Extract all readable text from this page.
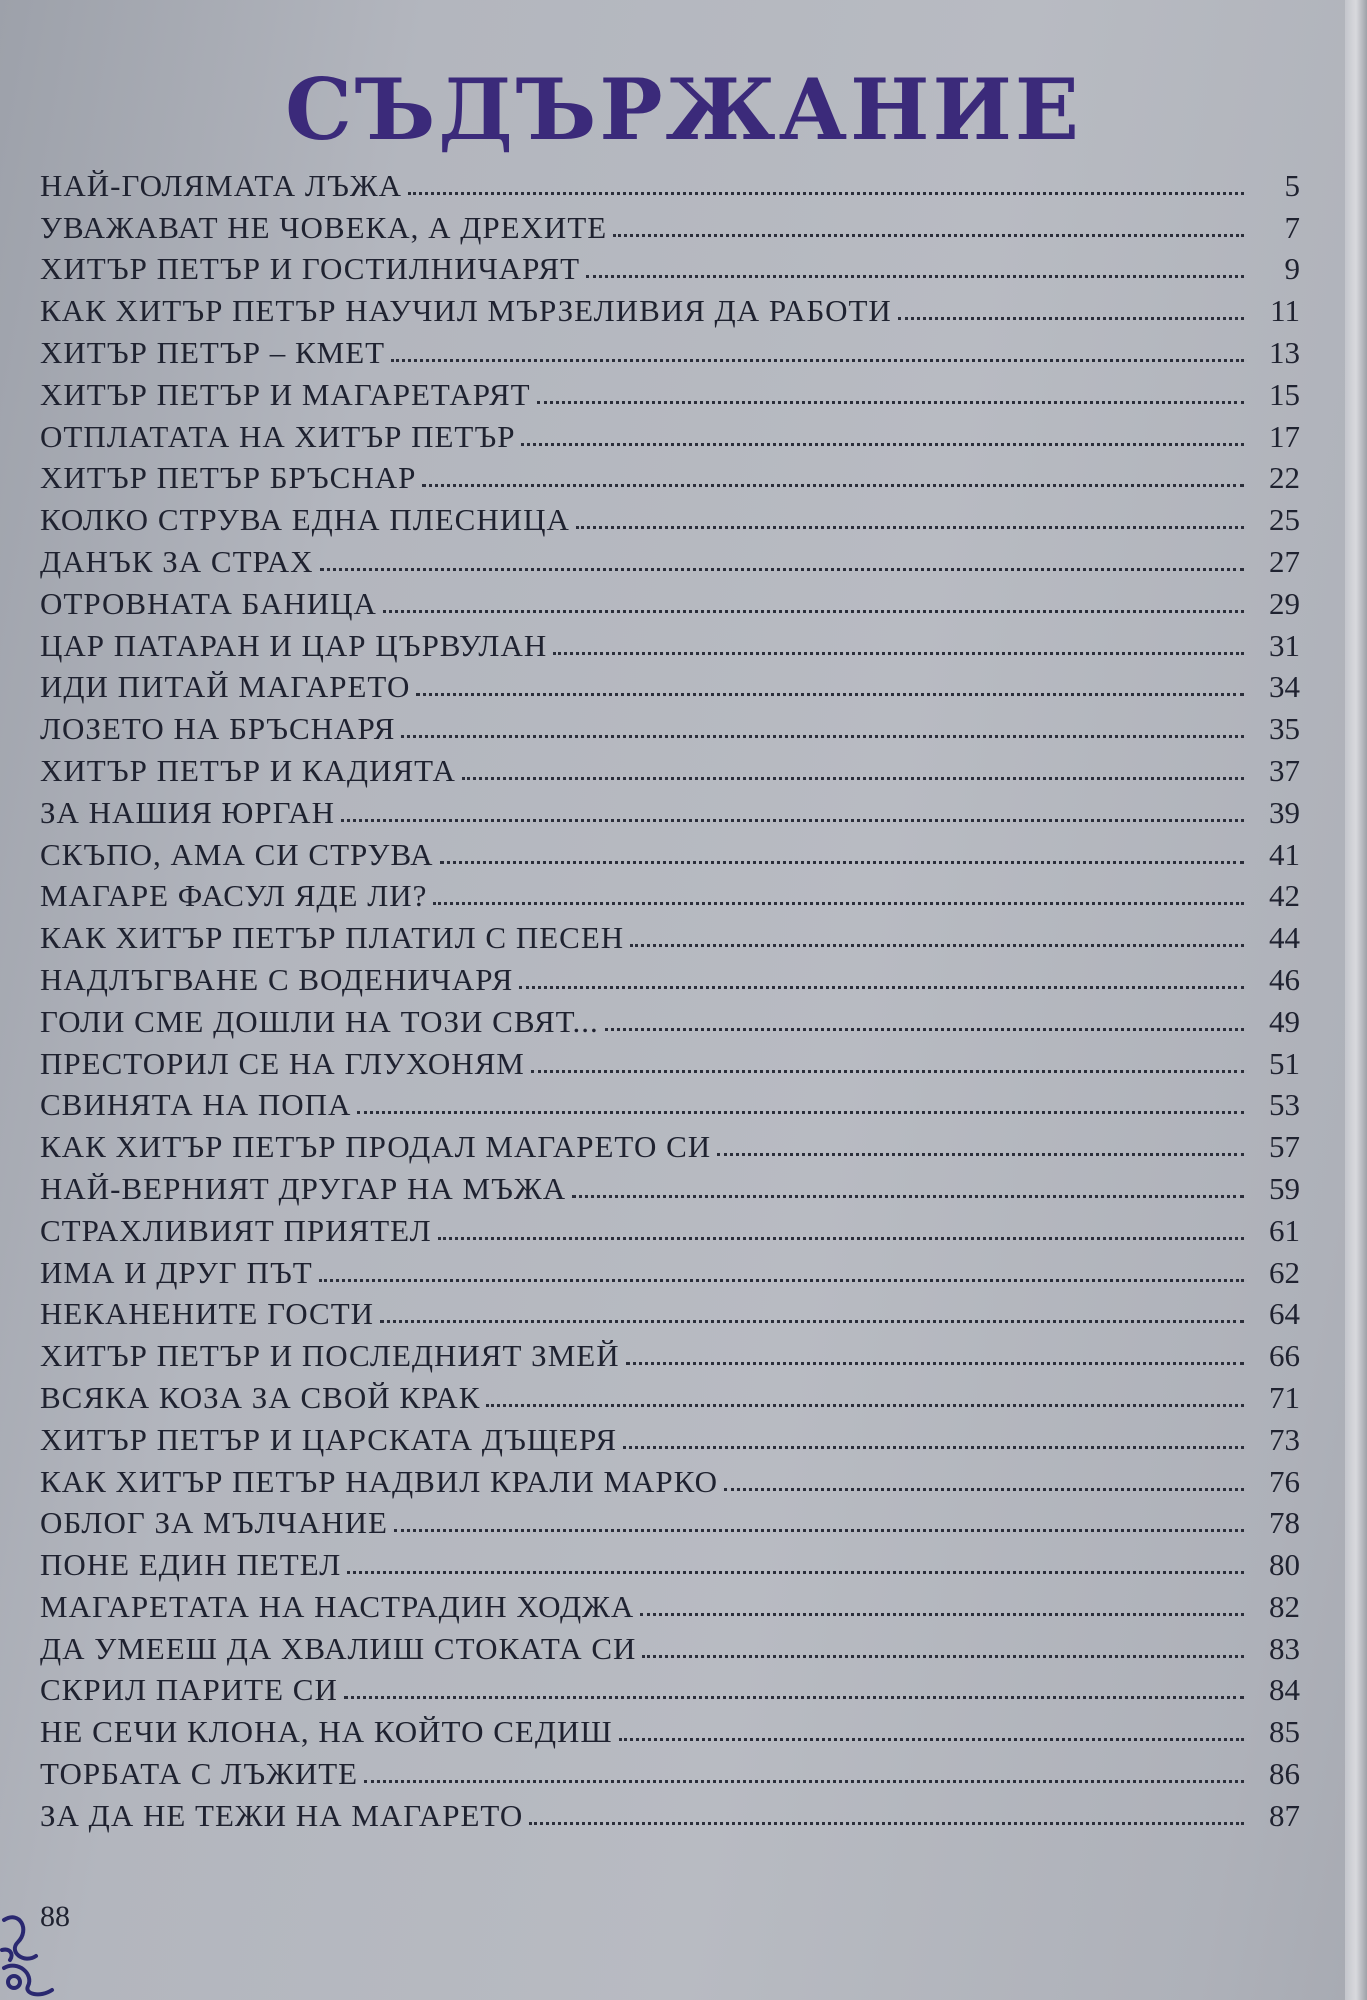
СЪДЪРЖАНИЕ
НАЙ-ГОЛЯМАТА ЛЪЖА	5
УВАЖАВАТ НЕ ЧОВЕКА, А ДРЕХИТЕ	7
ХИТЪР ПЕТЪР И ГОСТИЛНИЧАРЯТ	9
КАК ХИТЪР ПЕТЪР НАУЧИЛ МЪРЗЕЛИВИЯ ДА РАБОТИ	11
ХИТЪР ПЕТЪР – КМЕТ	13
ХИТЪР ПЕТЪР И МАГАРЕТАРЯТ	15
ОТПЛАТАТА НА ХИТЪР ПЕТЪР	17
ХИТЪР ПЕТЪР БРЪСНАР	22
КОЛКО СТРУВА ЕДНА ПЛЕСНИЦА	25
ДАНЪК ЗА СТРАХ	27
ОТРОВНАТА БАНИЦА	29
ЦАР ПАТАРАН И ЦАР ЦЪРВУЛАН	31
ИДИ ПИТАЙ МАГАРЕТО	34
ЛОЗЕТО НА БРЪСНАРЯ	35
ХИТЪР ПЕТЪР И КАДИЯТА	37
ЗА НАШИЯ ЮРГАН	39
СКЪПО, АМА СИ СТРУВА	41
МАГАРЕ ФАСУЛ ЯДЕ ЛИ?	42
КАК ХИТЪР ПЕТЪР ПЛАТИЛ С ПЕСЕН	44
НАДЛЪГВАНЕ С ВОДЕНИЧАРЯ	46
ГОЛИ СМЕ ДОШЛИ НА ТОЗИ СВЯТ...	49
ПРЕСТОРИЛ СЕ НА ГЛУХОНЯМ	51
СВИНЯТА НА ПОПА	53
КАК ХИТЪР ПЕТЪР ПРОДАЛ МАГАРЕТО СИ	57
НАЙ-ВЕРНИЯТ ДРУГАР НА МЪЖА	59
СТРАХЛИВИЯТ ПРИЯТЕЛ	61
ИМА И ДРУГ ПЪТ	62
НЕКАНЕНИТЕ ГОСТИ	64
ХИТЪР ПЕТЪР И ПОСЛЕДНИЯТ ЗМЕЙ	66
ВСЯКА КОЗА ЗА СВОЙ КРАК	71
ХИТЪР ПЕТЪР И ЦАРСКАТА ДЪЩЕРЯ	73
КАК ХИТЪР ПЕТЪР НАДВИЛ КРАЛИ МАРКО	76
ОБЛОГ ЗА МЪЛЧАНИЕ	78
ПОНЕ ЕДИН ПЕТЕЛ	80
МАГАРЕТАТА НА НАСТРАДИН ХОДЖА	82
ДА УМЕЕШ ДА ХВАЛИШ СТОКАТА СИ	83
СКРИЛ ПАРИТЕ СИ	84
НЕ СЕЧИ КЛОНА, НА КОЙТО СЕДИШ	85
ТОРБАТА С ЛЪЖИТЕ	86
ЗА ДА НЕ ТЕЖИ НА МАГАРЕТО	87
88
